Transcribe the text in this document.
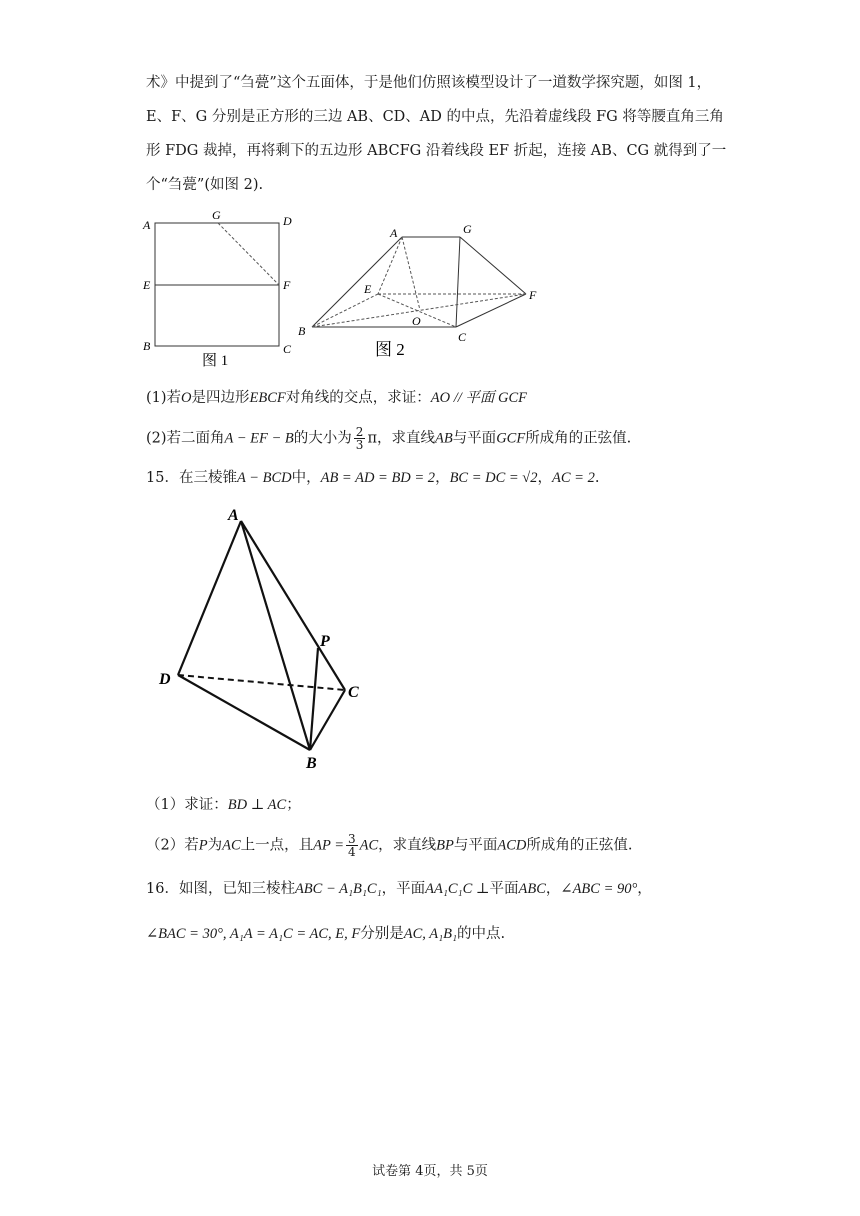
术》中提到了“刍甍”这个五面体，于是他们仿照该模型设计了一道数学探究题，如图 1，
E、F、G 分别是正方形的三边 AB、CD、AD 的中点，先沿着虚线段 FG 将等腰直角三角
形 FDG 裁掉，再将剩下的五边形 ABCFG 沿着线段 EF 折起，连接 AB、CG 就得到了一
个“刍甍”(如图 2).
A
G	D
E	F
B	C
图 1
A	G
E	F
O
B	C
图 2
(1)若O是四边形EBCF对角线的交点，求证：AO // 平面 GCF
(2)若二面角A − EF − B的大小为 $\frac{2}{3}$ π，求直线AB与平面GCF所成角的正弦值.
15．在三棱锥A − BCD中，AB = AD = BD = 2，BC = DC = √2，AC = 2.
A
P
D
C
B
（1）求证：BD ⊥ AC；
（2）若P为AC上一点，且AP = $\frac{3}{4}$ AC，求直线BP与平面ACD所成角的正弦值.
16．如图，已知三棱柱ABC − A₁B₁C₁，平面AA₁C₁C ⊥平面ABC，∠ABC = 90°，
∠BAC = 30°, A₁A = A₁C = AC, E, F分别是AC, A₁B₁的中点.
试卷第 4页，共 5页
